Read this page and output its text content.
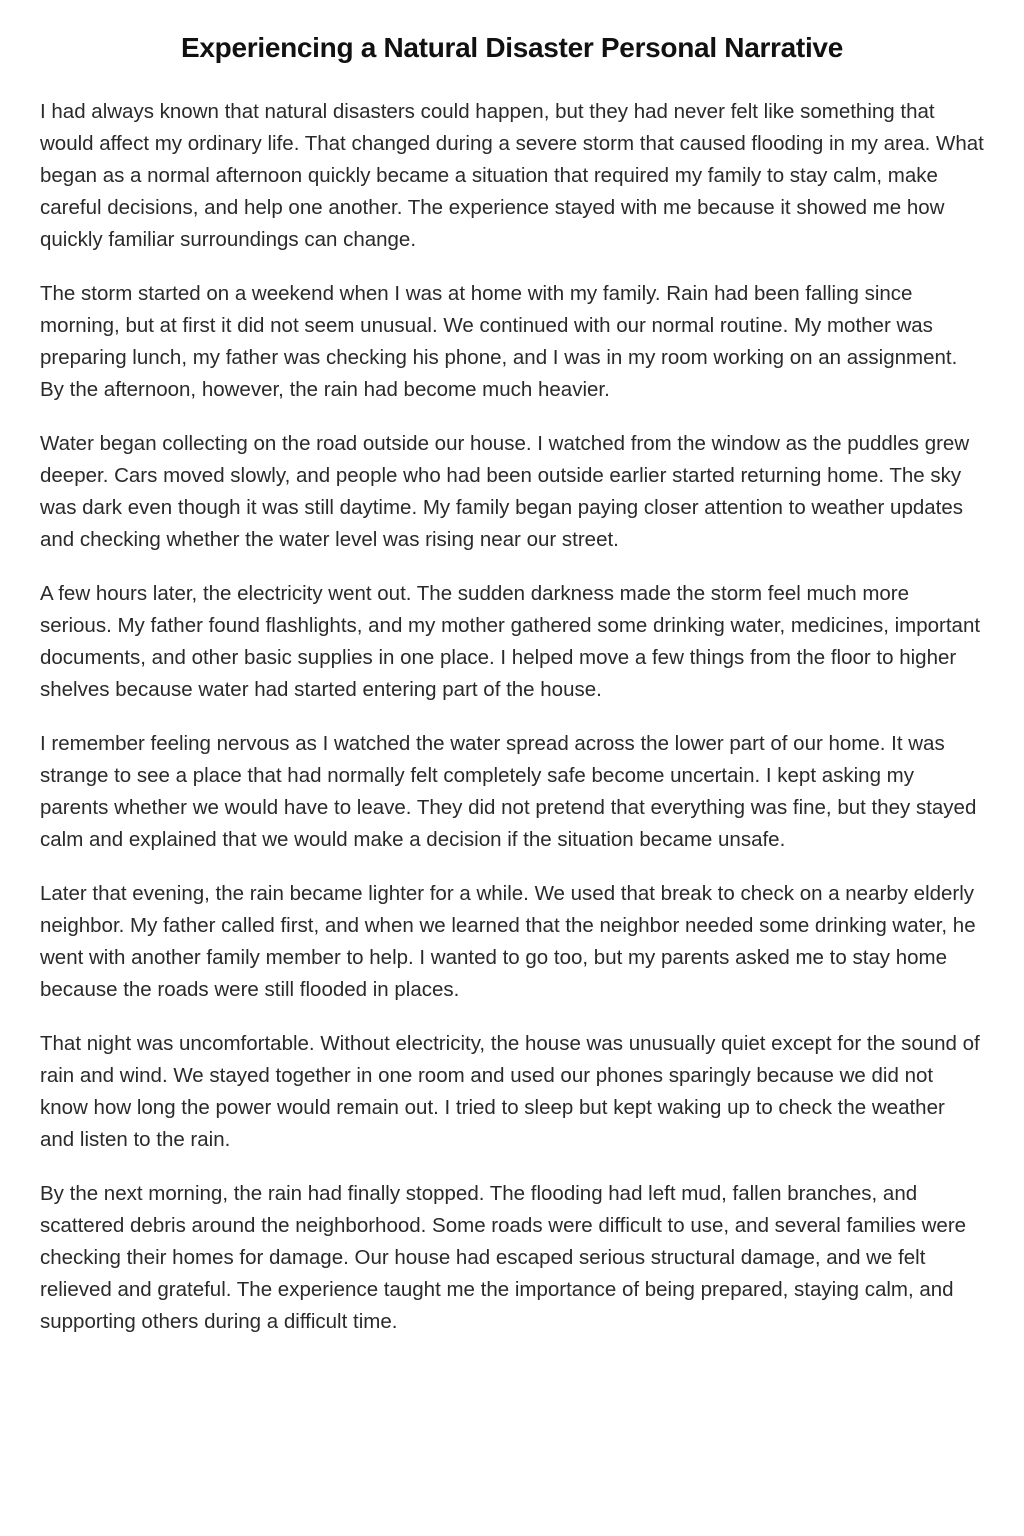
Experiencing a Natural Disaster Personal Narrative

I had always known that natural disasters could happen, but they had never felt like something that would affect my ordinary life. That changed during a severe storm that caused flooding in my area. What began as a normal afternoon quickly became a situation that required my family to stay calm, make careful decisions, and help one another. The experience stayed with me because it showed me how quickly familiar surroundings can change.

The storm started on a weekend when I was at home with my family. Rain had been falling since morning, but at first it did not seem unusual. We continued with our normal routine. My mother was preparing lunch, my father was checking his phone, and I was in my room working on an assignment. By the afternoon, however, the rain had become much heavier.

Water began collecting on the road outside our house. I watched from the window as the puddles grew deeper. Cars moved slowly, and people who had been outside earlier started returning home. The sky was dark even though it was still daytime. My family began paying closer attention to weather updates and checking whether the water level was rising near our street.

A few hours later, the electricity went out. The sudden darkness made the storm feel much more serious. My father found flashlights, and my mother gathered some drinking water, medicines, important documents, and other basic supplies in one place. I helped move a few things from the floor to higher shelves because water had started entering part of the house.

I remember feeling nervous as I watched the water spread across the lower part of our home. It was strange to see a place that had normally felt completely safe become uncertain. I kept asking my parents whether we would have to leave. They did not pretend that everything was fine, but they stayed calm and explained that we would make a decision if the situation became unsafe.

Later that evening, the rain became lighter for a while. We used that break to check on a nearby elderly neighbor. My father called first, and when we learned that the neighbor needed some drinking water, he went with another family member to help. I wanted to go too, but my parents asked me to stay home because the roads were still flooded in places.

That night was uncomfortable. Without electricity, the house was unusually quiet except for the sound of rain and wind. We stayed together in one room and used our phones sparingly because we did not know how long the power would remain out. I tried to sleep but kept waking up to check the weather and listen to the rain.

By the next morning, the rain had finally stopped. The flooding had left mud, fallen branches, and scattered debris around the neighborhood. Some roads were difficult to use, and several families were checking their homes for damage. Our house had escaped serious structural damage, and we felt relieved and grateful. The experience taught me the importance of being prepared, staying calm, and supporting others during a difficult time.
